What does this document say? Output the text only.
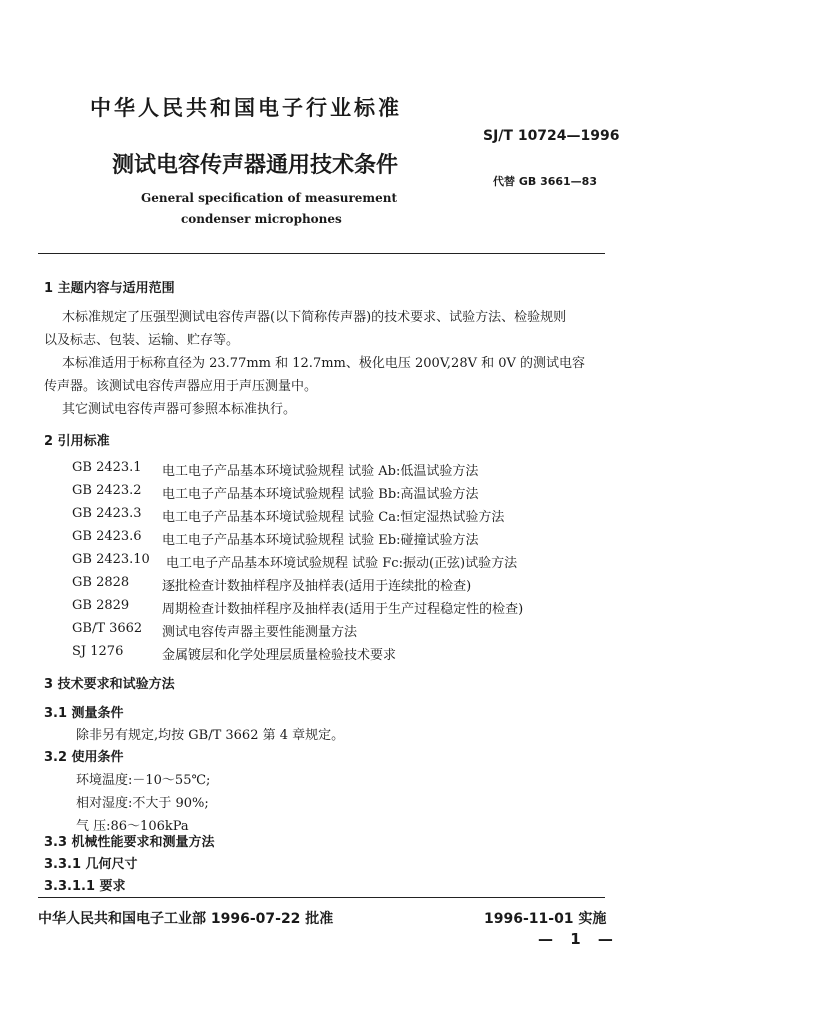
中华人民共和国电子行业标准
SJ/T 10724—1996
测试电容传声器通用技术条件
代替 GB 3661—83
General specification of measurement
condenser microphones
1 主题内容与适用范围
木标准规定了压强型测试电容传声器(以下简称传声器)的技术要求、试验方法、检验规则
以及标志、包装、运输、贮存等。
本标准适用于标称直径为 23.77mm 和 12.7mm、极化电压 200V,28V 和 0V 的测试电容
传声器。该测试电容传声器应用于声压测量中。
其它测试电容传声器可参照本标准执行。
2 引用标准
GB 2423.1 电工电子产品基本环境试验规程 试验 Ab:低温试验方法
GB 2423.2 电工电子产品基本环境试验规程 试验 Bb:高温试验方法
GB 2423.3 电工电子产品基本环境试验规程 试验 Ca:恒定湿热试验方法
GB 2423.6 电工电子产品基本环境试验规程 试验 Eb:碰撞试验方法
GB 2423.10 电工电子产品基本环境试验规程 试验 Fc:振动(正弦)试验方法
GB 2828	逐批检查计数抽样程序及抽样表(适用于连续批的检查)
GB 2829	周期检查计数抽样程序及抽样表(适用于生产过程稳定性的检查)
GB/T 3662 测试电容传声器主要性能测量方法
SJ 1276	金属镀层和化学处理层质量检验技术要求
3 技术要求和试验方法
3.1 测量条件
除非另有规定,均按 GB/T 3662 第 4 章规定。
3.2 使用条件
环境温度:－10～55℃;
相对湿度:不大于 90%;
气 压:86～106kPa
3.3 机械性能要求和测量方法
3.3.1 几何尺寸
3.3.1.1 要求
中华人民共和国电子工业部 1996-07-22 批准	1996-11-01 实施
— 1 —
